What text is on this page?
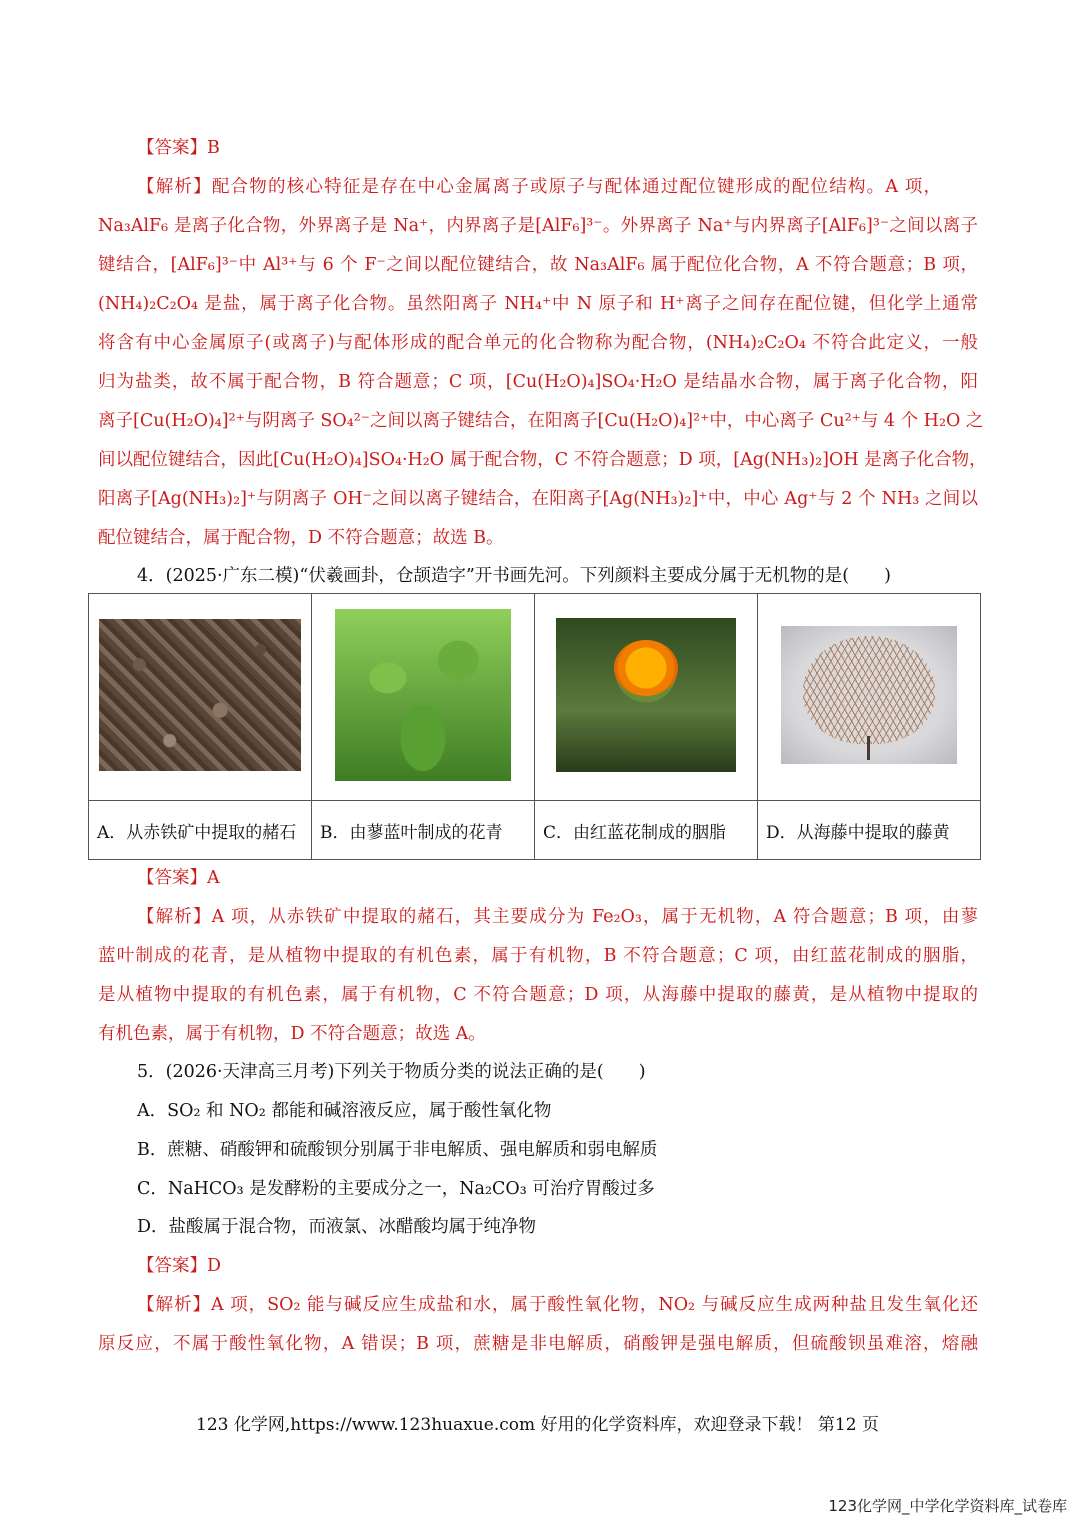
【答案】B
【解析】配合物的核心特征是存在中心金属离子或原子与配体通过配位键形成的配位结构。A 项，
Na₃AlF₆ 是离子化合物，外界离子是 Na⁺，内界离子是[AlF₆]³⁻。外界离子 Na⁺与内界离子[AlF₆]³⁻之间以离子
键结合，[AlF₆]³⁻中 Al³⁺与 6 个 F⁻之间以配位键结合，故 Na₃AlF₆ 属于配位化合物，A 不符合题意；B 项，
(NH₄)₂C₂O₄ 是盐，属于离子化合物。虽然阳离子 NH₄⁺中 N 原子和 H⁺离子之间存在配位键，但化学上通常
将含有中心金属原子(或离子)与配体形成的配合单元的化合物称为配合物，(NH₄)₂C₂O₄ 不符合此定义，一般
归为盐类，故不属于配合物，B 符合题意；C 项，[Cu(H₂O)₄]SO₄·H₂O 是结晶水合物，属于离子化合物，阳
离子[Cu(H₂O)₄]²⁺与阴离子 SO₄²⁻之间以离子键结合，在阳离子[Cu(H₂O)₄]²⁺中，中心离子 Cu²⁺与 4 个 H₂O 之
间以配位键结合，因此[Cu(H₂O)₄]SO₄·H₂O 属于配合物，C 不符合题意；D 项，[Ag(NH₃)₂]OH 是离子化合物，
阳离子[Ag(NH₃)₂]⁺与阴离子 OH⁻之间以离子键结合，在阳离子[Ag(NH₃)₂]⁺中，中心 Ag⁺与 2 个 NH₃ 之间以
配位键结合，属于配合物，D 不符合题意；故选 B。
4．(2025·广东二模)“伏羲画卦，仓颉造字”开书画先河。下列颜料主要成分属于无机物的是(　　)

A．从赤铁矿中提取的赭石	B．由蓼蓝叶制成的花青	C．由红蓝花制成的胭脂	D．从海藤中提取的藤黄
【答案】A
【解析】A 项，从赤铁矿中提取的赭石，其主要成分为 Fe₂O₃，属于无机物，A 符合题意；B 项，由蓼
蓝叶制成的花青，是从植物中提取的有机色素，属于有机物，B 不符合题意；C 项，由红蓝花制成的胭脂，
是从植物中提取的有机色素，属于有机物，C 不符合题意；D 项，从海藤中提取的藤黄，是从植物中提取的
有机色素，属于有机物，D 不符合题意；故选 A。
5．(2026·天津高三月考)下列关于物质分类的说法正确的是(　　)
A．SO₂ 和 NO₂ 都能和碱溶液反应，属于酸性氧化物
B．蔗糖、硝酸钾和硫酸钡分别属于非电解质、强电解质和弱电解质
C．NaHCO₃ 是发酵粉的主要成分之一，Na₂CO₃ 可治疗胃酸过多
D．盐酸属于混合物，而液氯、冰醋酸均属于纯净物
【答案】D
【解析】A 项，SO₂ 能与碱反应生成盐和水，属于酸性氧化物，NO₂ 与碱反应生成两种盐且发生氧化还
原反应，不属于酸性氧化物，A 错误；B 项，蔗糖是非电解质，硝酸钾是强电解质，但硫酸钡虽难溶，熔融
123 化学网,https://www.123huaxue.com 好用的化学资料库，欢迎登录下载！ 第12 页
123化学网_中学化学资料库_试卷库
